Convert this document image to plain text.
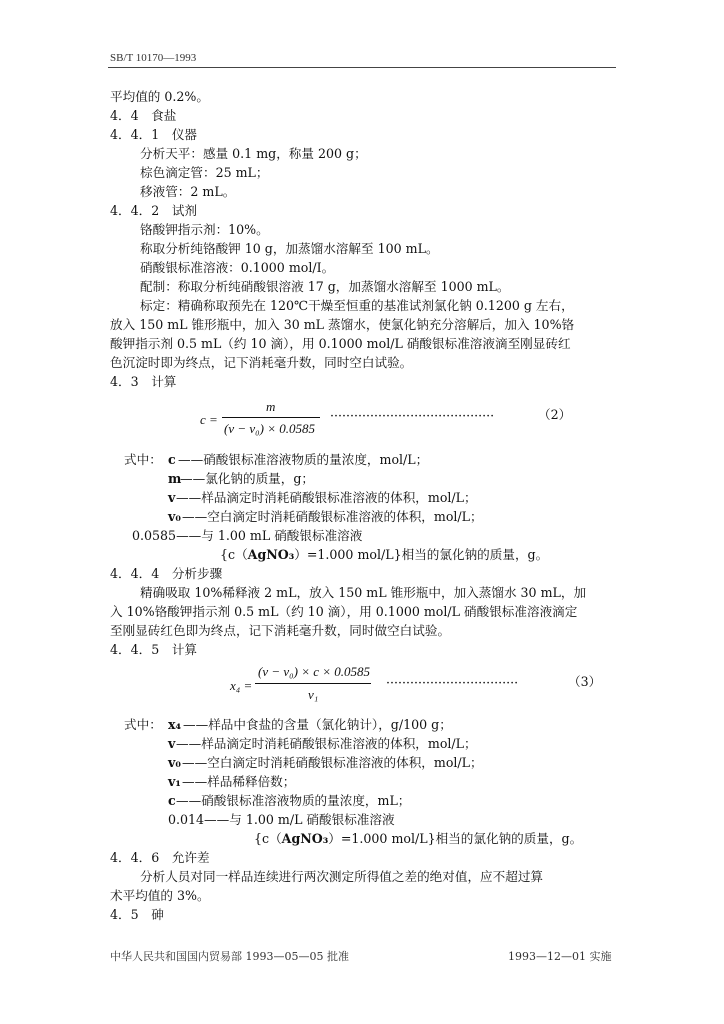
SB/T 10170—1993
平均值的 0.2%。
4．4　食盐
4．4．1　仪器
分析天平：感量 0.1 mg，称量 200 g；
棕色滴定管：25 mL；
移液管：2 mL。
4．4．2　试剂
铬酸钾指示剂：10%。
称取分析纯铬酸钾 10 g，加蒸馏水溶解至 100 mL。
硝酸银标准溶液：0.1000 mol/I。
配制：称取分析纯硝酸银溶液 17 g，加蒸馏水溶解至 1000 mL。
标定：精确称取预先在 120℃干燥至恒重的基准试剂氯化钠 0.1200 g 左右，
放入 150 mL 锥形瓶中，加入 30 mL 蒸馏水，使氯化钠充分溶解后，加入 10%铬
酸钾指示剂 0.5 mL（约 10 滴），用 0.1000 mol/L 硝酸银标准溶液滴至刚显砖红
色沉淀时即为终点，记下消耗毫升数，同时空白试验。
4．3　计算
c =
m
(v − v₀) × 0.0585
·········································	（2）
式中： c ——硝酸银标准溶液物质的量浓度，mol/L；
m
——氯化钠的质量，g；
v ——样品滴定时消耗硝酸银标准溶液的体积，mol/L；
v₀ ——空白滴定时消耗硝酸银标准溶液的体积，mol/L；
0.0585——与 1.00 mL 硝酸银标准溶液
{c（AgNO₃）=1.000 mol/L}相当的氯化钠的质量，g。
4．4．4　分析步骤
精确吸取 10%稀释液 2 mL，放入 150 mL 锥形瓶中，加入蒸馏水 30 mL，加
入 10%铬酸钾指示剂 0.5 mL（约 10 滴），用 0.1000 mol/L 硝酸银标准溶液滴定
至刚显砖红色即为终点，记下消耗毫升数，同时做空白试验。
4．4．5　计算
x₄ =
(v − v₀) × c × 0.0585
v₁
·································	（3）
式中： x₄ ——样品中食盐的含量（氯化钠计），g/100 g；
v ——样品滴定时消耗硝酸银标准溶液的体积，mol/L；
v₀ ——空白滴定时消耗硝酸银标准溶液的体积，mol/L；
v₁ ——样品稀释倍数；
c ——硝酸银标准溶液物质的量浓度，mL；
0.014——与 1.00 m/L 硝酸银标准溶液
{c（AgNO₃）=1.000 mol/L}相当的氯化钠的质量，g。
4．4．6　允许差
分析人员对同一样品连续进行两次测定所得值之差的绝对值，应不超过算
术平均值的 3%。
4．5　砷
中华人民共和国国内贸易部 1993—05—05 批准	1993—12—01 实施
